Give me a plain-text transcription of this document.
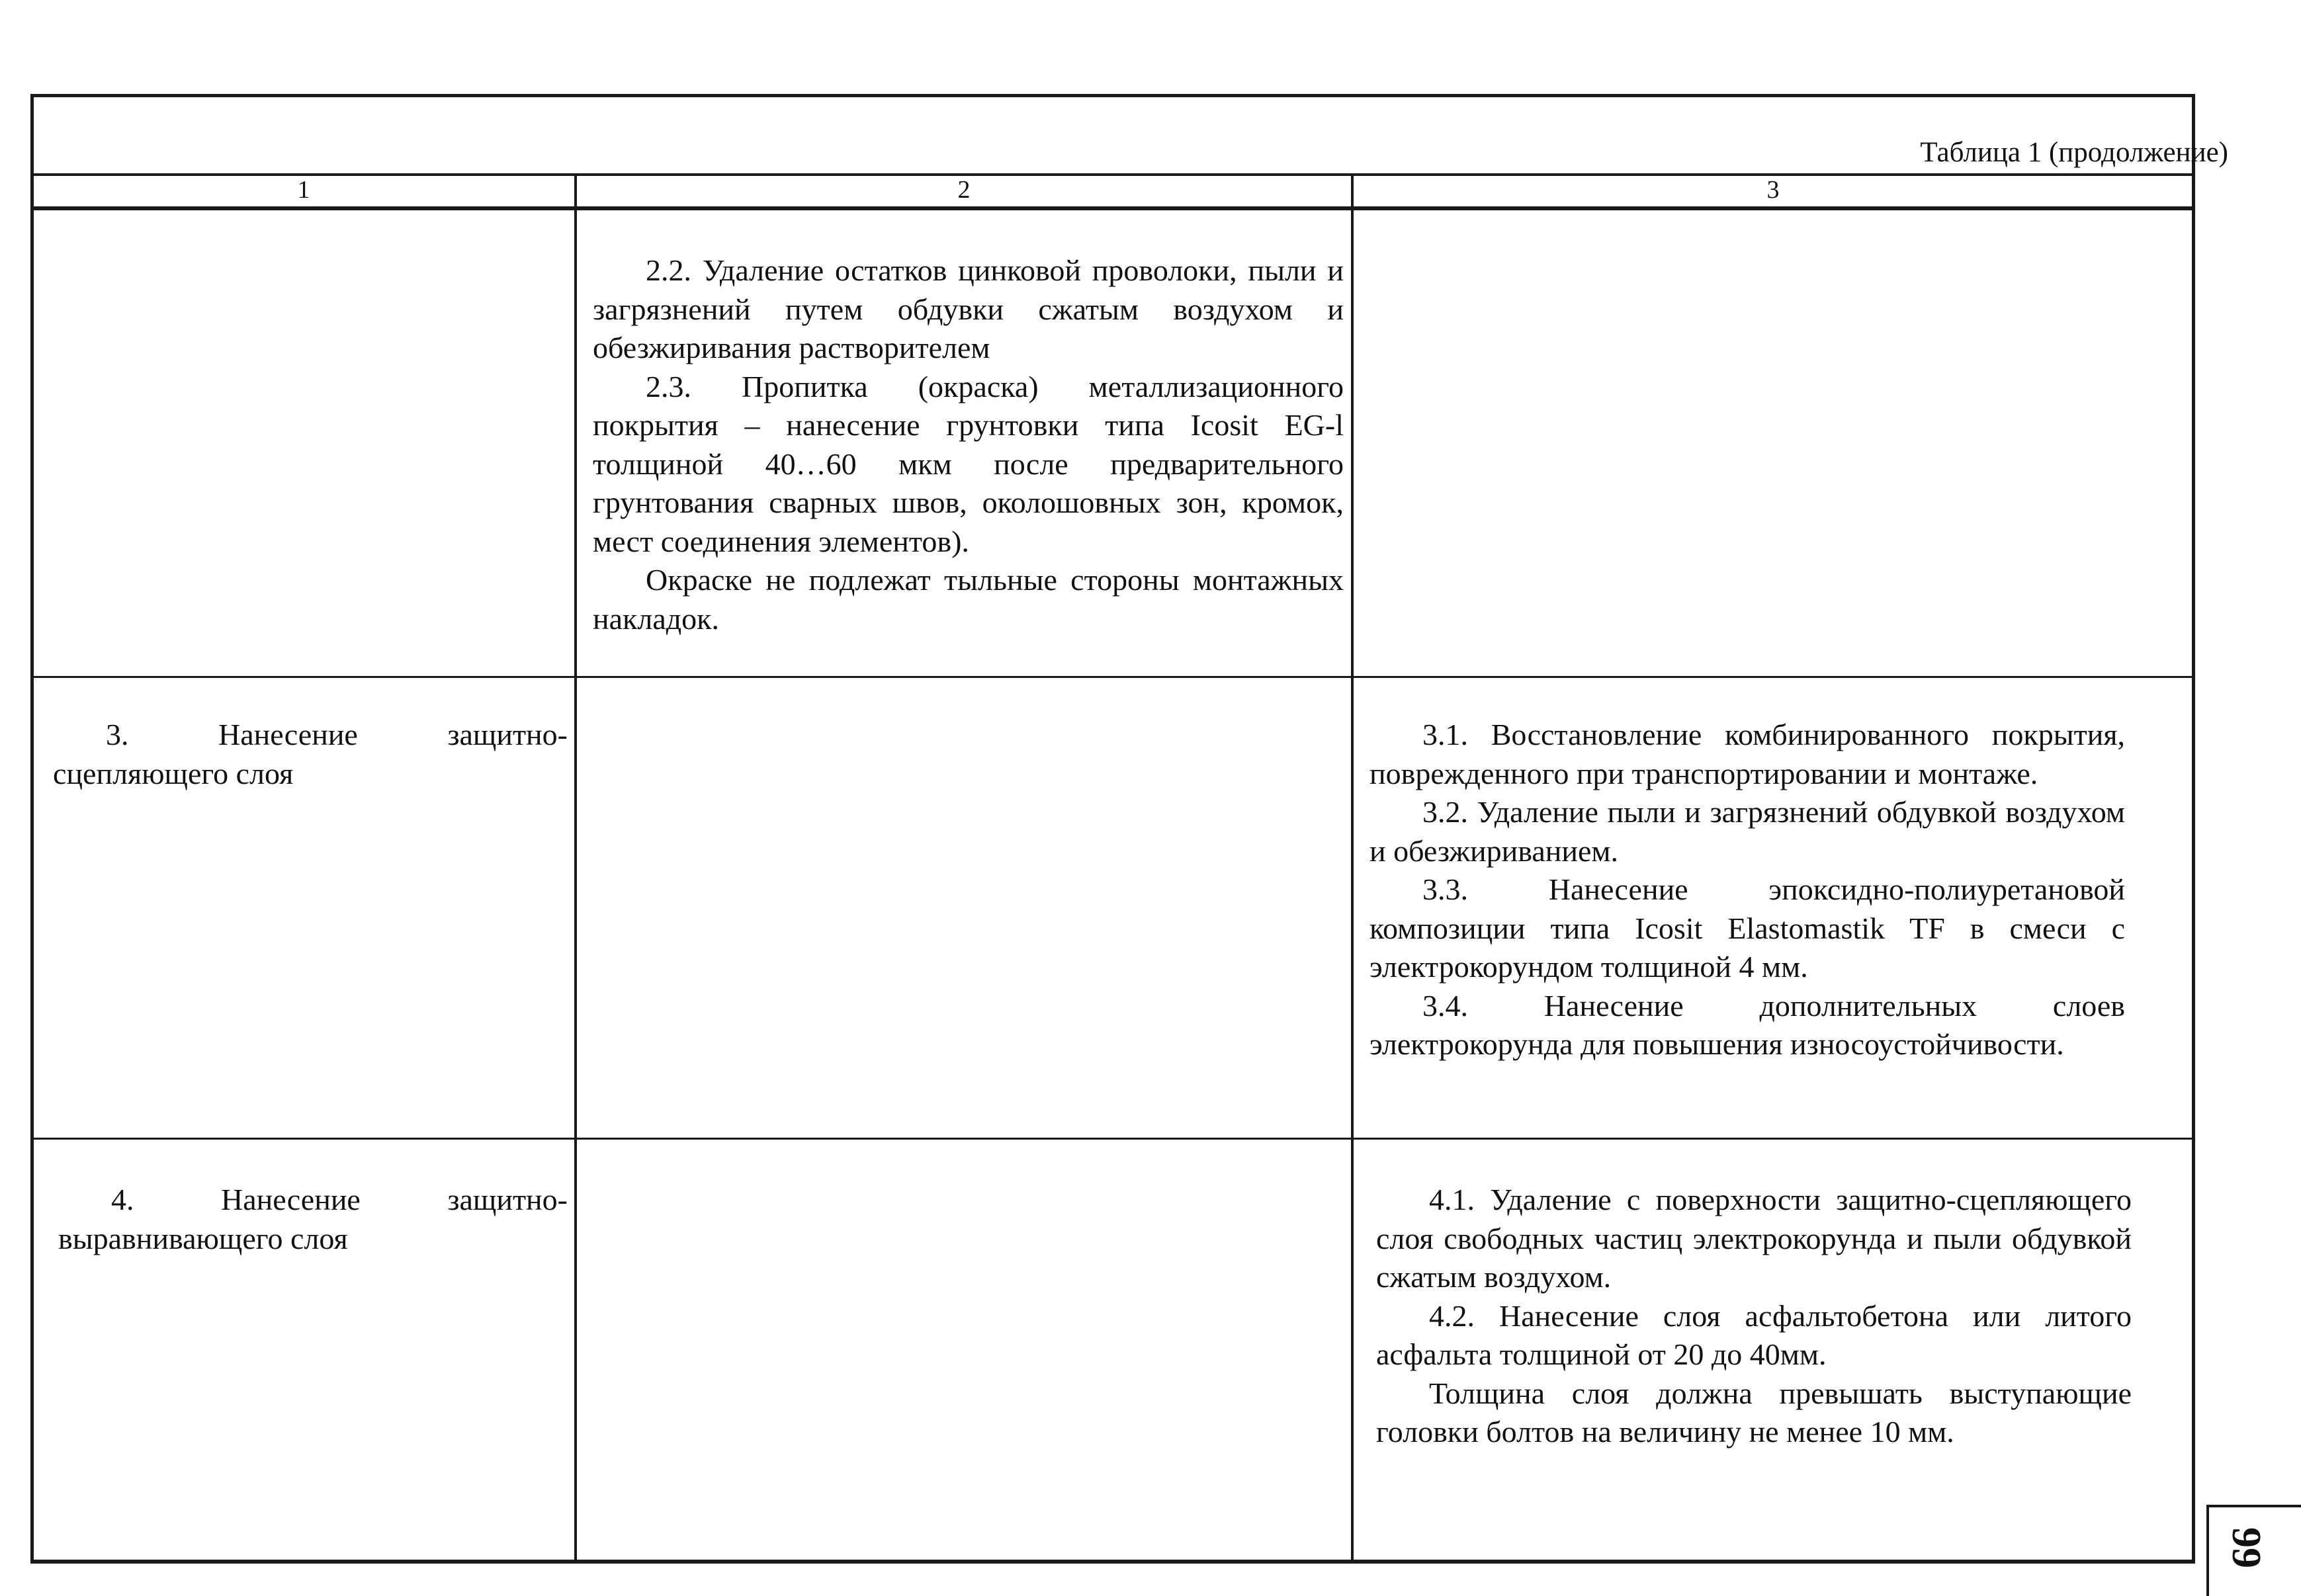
Таблица 1 (продолжение)
1	2	3

2.2. Удаление остатков цинковой проволоки, пыли и загрязнений путем обдувки сжатым воздухом и обезжиривания растворителем

2.3. Пропитка (окраска) металлизационного покрытия – нанесение грунтовки типа Icosit EG-l толщиной 40…60 мкм после предварительного грунтования сварных швов, околошовных зон, кромок, мест соединения элементов).

Окраске не подлежат тыльные стороны монтажных накладок.

3. Нанесение защитно-сцепляющего слоя

3.1. Восстановление комбинированного покрытия, поврежденного при транспортировании и монтаже.

3.2. Удаление пыли и загрязнений обдувкой воздухом и обезжириванием.

3.3. Нанесение эпоксидно-полиуретановой композиции типа Icosit Elastomastik TF в смеси с электрокорундом толщиной 4 мм.

3.4. Нанесение дополнительных слоев электрокорунда для повышения износоустойчивости.

4. Нанесение защитно-выравнивающего слоя

4.1. Удаление с поверхности защитно-сцепляющего слоя свободных частиц электрокорунда и пыли обдувкой сжатым воздухом.

4.2. Нанесение слоя асфальтобетона или литого асфальта толщиной от 20 до 40мм.

Толщина слоя должна превышать выступающие головки болтов на величину не менее 10 мм.

99
